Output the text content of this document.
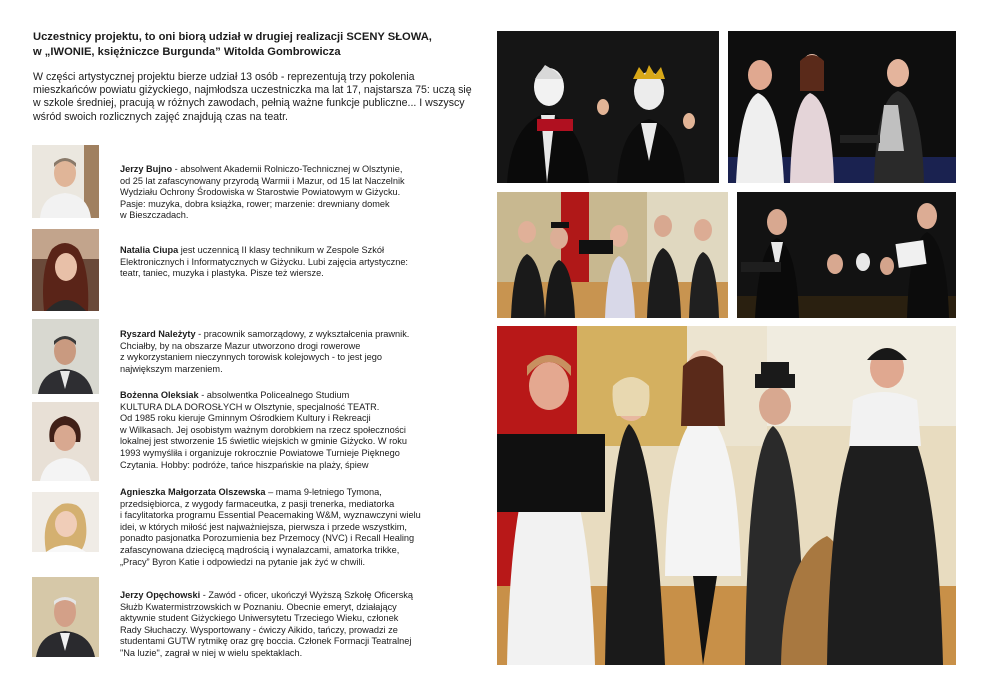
Uczestnicy projektu, to oni biorą udział w drugiej realizacji SCENY SŁOWA,
w „IWONIE, księżniczce Burgunda” Witolda Gombrowicza
W części artystycznej projektu bierze udział 13 osób - reprezentują trzy pokolenia mieszkańców powiatu giżyckiego, najmłodsza uczestniczka ma lat 17, najstarsza 75: uczą się w szkole średniej, pracują w różnych zawodach, pełnią ważne funkcje publiczne... I wszyscy wśród swoich rozlicznych zajęć znajdują czas na teatr.
Jerzy Bujno - absolwent Akademii Rolniczo-Technicznej w Olsztynie,
od 25 lat zafascynowany przyrodą Warmii i Mazur, od 15 lat Naczelnik
Wydziału Ochrony Środowiska w Starostwie Powiatowym w Giżycku.
Pasje: muzyka, dobra książka, rower; marzenie: drewniany domek
w Bieszczadach.
Natalia Ciupa jest uczennicą II klasy technikum w Zespole Szkół
Elektronicznych i Informatycznych w Giżycku. Lubi zajęcia artystyczne:
teatr, taniec, muzyka i plastyka. Pisze też wiersze.
Ryszard Należyty - pracownik samorządowy, z wykształcenia prawnik.
Chciałby, by na obszarze Mazur utworzono drogi rowerowe
z wykorzystaniem nieczynnych torowisk kolejowych - to jest jego
największym marzeniem.
Bożenna Oleksiak - absolwentka Policealnego Studium
KULTURA DLA DOROSŁYCH w Olsztynie, specjalność TEATR.
Od 1985 roku kieruje Gminnym Ośrodkiem Kultury i Rekreacji
w Wilkasach. Jej osobistym ważnym dorobkiem na rzecz społeczności
lokalnej jest stworzenie 15 świetlic wiejskich w gminie Giżycko. W roku
1993 wymyśliła i organizuje rokrocznie Powiatowe Turnieje Pięknego
Czytania. Hobby: podróże, tańce hiszpańskie na plaży, śpiew
Agnieszka Małgorzata Olszewska – mama 9-letniego Tymona,
przedsiębiorca, z wygody farmaceutka, z pasji trenerka, mediatorka
i facylitatorka programu Essential Peacemaking W&M, wyznawczyni wielu
idei, w których miłość jest najważniejsza, pierwsza i przede wszystkim,
ponadto pasjonatka Porozumienia bez Przemocy (NVC) i Recall Healing
zafascynowana dziecięcą mądrością i wynalazcami, amatorka trikke,
„Pracy” Byron Katie i odpowiedzi na pytanie jak żyć w chwili.
Jerzy Opęchowski - Zawód - oficer, ukończył Wyższą Szkołę Oficerską
Służb Kwatermistrzowskich w Poznaniu. Obecnie emeryt, działający
aktywnie student Giżyckiego Uniwersytetu Trzeciego Wieku, członek
Rady Słuchaczy. Wysportowany - ćwiczy Aikido, tańczy, prowadzi ze
studentami GUTW rytmikę oraz grę boccia. Członek Formacji Teatralnej
"Na luzie", zagrał w niej w wielu spektaklach.
